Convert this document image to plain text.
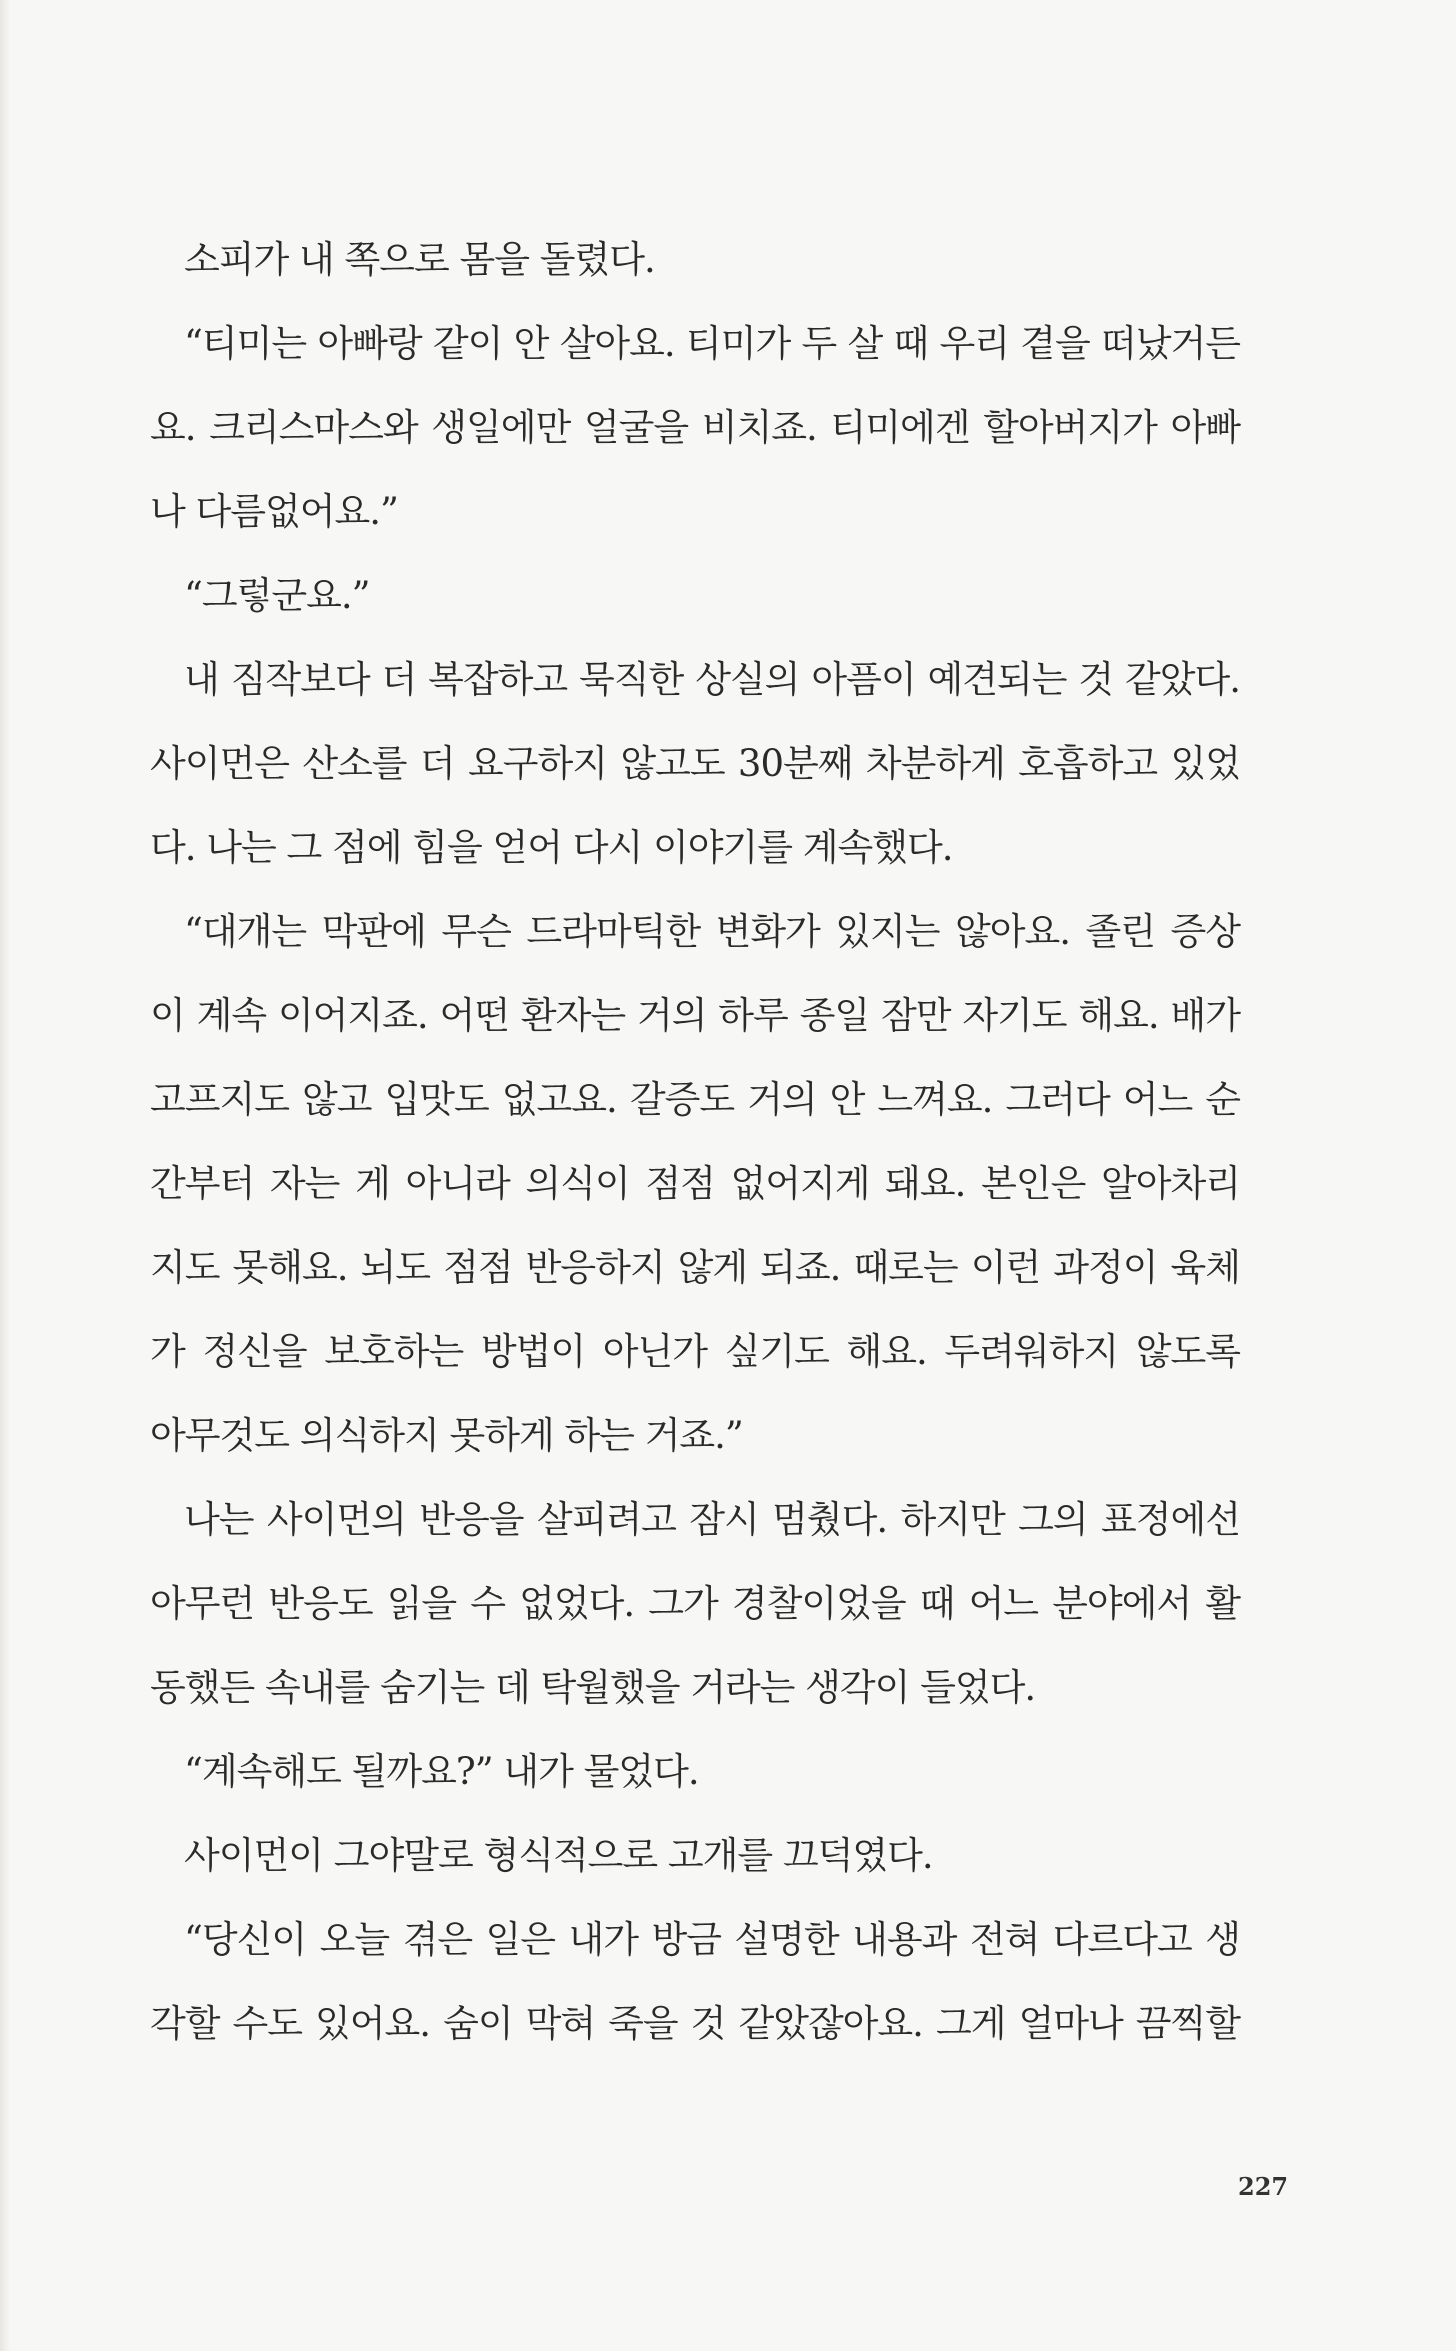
소피가 내 쪽으로 몸을 돌렸다.
“티미는 아빠랑 같이 안 살아요. 티미가 두 살 때 우리 곁을 떠났거든
요. 크리스마스와 생일에만 얼굴을 비치죠. 티미에겐 할아버지가 아빠
나 다름없어요.”
“그렇군요.”
내 짐작보다 더 복잡하고 묵직한 상실의 아픔이 예견되는 것 같았다.
사이먼은 산소를 더 요구하지 않고도 30분째 차분하게 호흡하고 있었
다. 나는 그 점에 힘을 얻어 다시 이야기를 계속했다.
“대개는 막판에 무슨 드라마틱한 변화가 있지는 않아요. 졸린 증상
이 계속 이어지죠. 어떤 환자는 거의 하루 종일 잠만 자기도 해요. 배가
고프지도 않고 입맛도 없고요. 갈증도 거의 안 느껴요. 그러다 어느 순
간부터 자는 게 아니라 의식이 점점 없어지게 돼요. 본인은 알아차리
지도 못해요. 뇌도 점점 반응하지 않게 되죠. 때로는 이런 과정이 육체
가 정신을 보호하는 방법이 아닌가 싶기도 해요. 두려워하지 않도록
아무것도 의식하지 못하게 하는 거죠.”
나는 사이먼의 반응을 살피려고 잠시 멈췄다. 하지만 그의 표정에선
아무런 반응도 읽을 수 없었다. 그가 경찰이었을 때 어느 분야에서 활
동했든 속내를 숨기는 데 탁월했을 거라는 생각이 들었다.
“계속해도 될까요?” 내가 물었다.
사이먼이 그야말로 형식적으로 고개를 끄덕였다.
“당신이 오늘 겪은 일은 내가 방금 설명한 내용과 전혀 다르다고 생
각할 수도 있어요. 숨이 막혀 죽을 것 같았잖아요. 그게 얼마나 끔찍할
227
